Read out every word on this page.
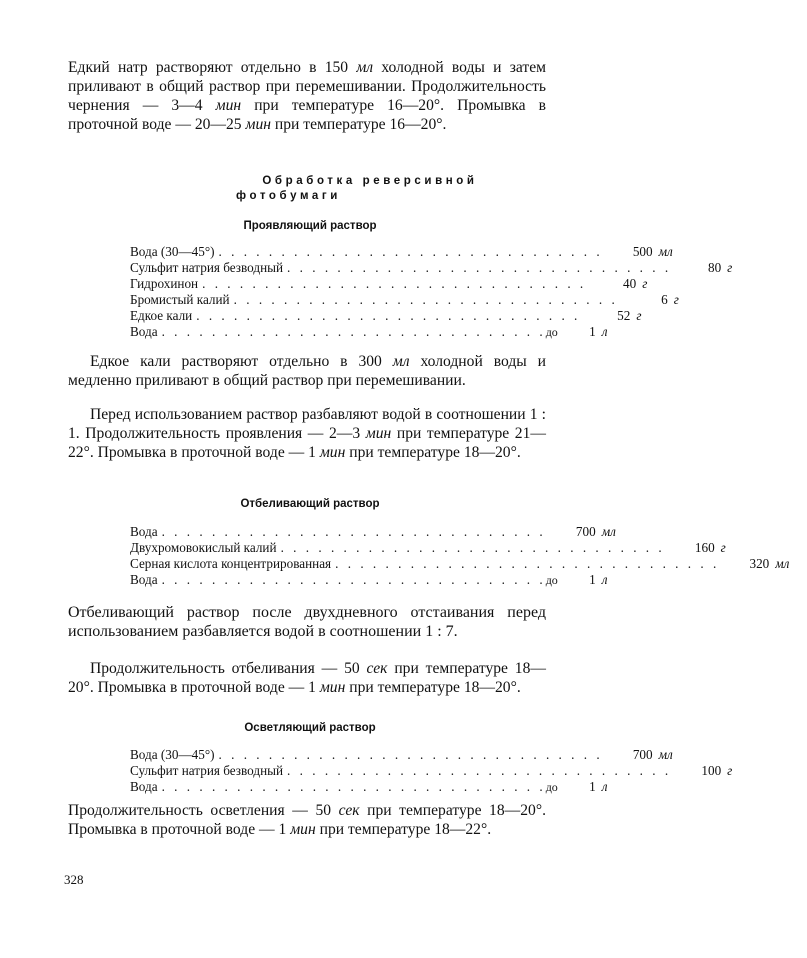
Едкий натр растворяют отдельно в 150 мл холодной воды и затем приливают в общий раствор при перемешивании. Продолжительность чернения — 3—4 мин при температуре 16—20°. Промывка в проточной воде — 20—25 мин при температуре 16—20°.

Обработка реверсивной
фотобумаги
Проявляющий раствор
Вода (30—45°) . . . . . . . . . . . . . . . . . . . . . . . . . . . . . . .	500 мл
Сульфит натрия безводный . . . . . . . . . . . . . . . . . . . . . . . . . . . . . . .	80 г
Гидрохинон . . . . . . . . . . . . . . . . . . . . . . . . . . . . . . .	40 г
Бромистый калий . . . . . . . . . . . . . . . . . . . . . . . . . . . . . . .	6 г
Едкое кали . . . . . . . . . . . . . . . . . . . . . . . . . . . . . . .	52 г
Вода . . . . . . . . . . . . . . . . . . . . . . . . . . . . . . . до	1 л

Едкое кали растворяют отдельно в 300 мл холодной воды и медленно приливают в общий раствор при перемешивании.

Перед использованием раствор разбавляют водой в соотношении 1 : 1. Продолжительность проявления — 2—3 мин при температуре 21—22°. Промывка в проточной воде — 1 мин при температуре 18—20°.

Отбеливающий раствор
Вода . . . . . . . . . . . . . . . . . . . . . . . . . . . . . . .	700 мл
Двухромовокислый калий . . . . . . . . . . . . . . . . . . . . . . . . . . . . . . .	160 г
Серная кислота концентрированная . . . . . . . . . . . . . . . . . . . . . . . . . . . . . . .	320 мл
Вода . . . . . . . . . . . . . . . . . . . . . . . . . . . . . . . до	1 л

Отбеливающий раствор после двухдневного отстаивания перед использованием разбавляется водой в соотношении 1 : 7.

Продолжительность отбеливания — 50 сек при температуре 18—20°. Промывка в проточной воде — 1 мин при температуре 18—20°.

Осветляющий раствор
Вода (30—45°) . . . . . . . . . . . . . . . . . . . . . . . . . . . . . . .	700 мл
Сульфит натрия безводный . . . . . . . . . . . . . . . . . . . . . . . . . . . . . . .	100 г
Вода . . . . . . . . . . . . . . . . . . . . . . . . . . . . . . . до	1 л

Продолжительность осветления — 50 сек при температуре 18—20°. Промывка в проточной воде — 1 мин при температуре 18—22°.

328
